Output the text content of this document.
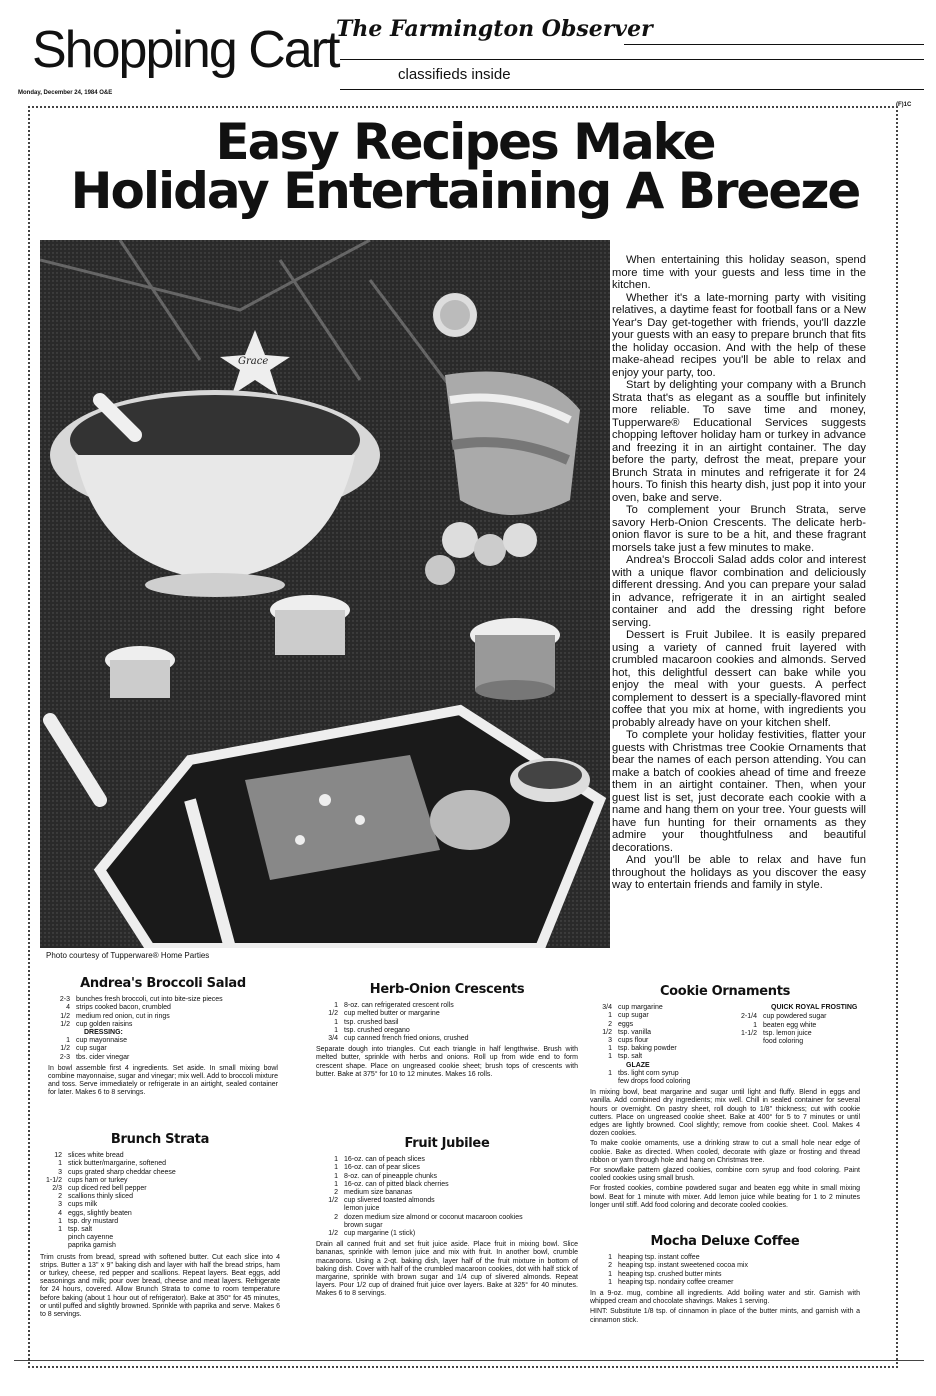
Shopping Cart
The Farmington Observer
classifieds inside
Monday, December 24, 1984 O&E
(F)1C
Easy Recipes Make
Holiday Entertaining A Breeze
Grace
Photo courtesy of Tupperware® Home Parties

When entertaining this holiday season, spend more time with your guests and less time in the kitchen.

Whether it's a late-morning party with visiting relatives, a daytime feast for football fans or a New Year's Day get-together with friends, you'll dazzle your guests with an easy to prepare brunch that fits the holiday occasion. And with the help of these make-ahead recipes you'll be able to relax and enjoy your party, too.

Start by delighting your company with a Brunch Strata that's as elegant as a souffle but infinitely more reliable. To save time and money, Tupperware® Educational Services suggests chopping leftover holiday ham or turkey in advance and freezing it in an airtight container. The day before the party, defrost the meat, prepare your Brunch Strata in minutes and refrigerate it for 24 hours. To finish this hearty dish, just pop it into your oven, bake and serve.

To complement your Brunch Strata, serve savory Herb-Onion Crescents. The delicate herb-onion flavor is sure to be a hit, and these fragrant morsels take just a few minutes to make.

Andrea's Broccoli Salad adds color and interest with a unique flavor combination and deliciously different dressing. And you can prepare your salad in advance, refrigerate it in an airtight sealed container and add the dressing right before serving.

Dessert is Fruit Jubilee. It is easily prepared using a variety of canned fruit layered with crumbled macaroon cookies and almonds. Served hot, this delightful dessert can bake while you enjoy the meal with your guests. A perfect complement to dessert is a specially-flavored mint coffee that you mix at home, with ingredients you probably already have on your kitchen shelf.

To complete your holiday festivities, flatter your guests with Christmas tree Cookie Ornaments that bear the names of each person attending. You can make a batch of cookies ahead of time and freeze them in an airtight container. Then, when your guest list is set, just decorate each cookie with a name and hang them on your tree. Your guests will have fun hunting for their ornaments as they admire your thoughtfulness and beautiful decorations.

And you'll be able to relax and have fun throughout the holidays as you discover the easy way to entertain friends and family in style.

Andrea's Broccoli Salad
2-3 bunches fresh broccoli, cut into bite-size pieces
4 strips cooked bacon, crumbled
1/2 medium red onion, cut in rings
1/2 cup golden raisins
DRESSING:
1 cup mayonnaise
1/2 cup sugar
2-3 tbs. cider vinegar
In bowl assemble first 4 ingredients. Set aside. In small mixing bowl combine mayonnaise, sugar and vinegar; mix well. Add to broccoli mixture and toss. Serve immediately or refrigerate in an airtight, sealed container for later. Makes 6 to 8 servings.
Herb-Onion Crescents
1 8-oz. can refrigerated crescent rolls
1/2 cup melted butter or margarine
1 tsp. crushed basil
1 tsp. crushed oregano
3/4 cup canned french fried onions, crushed
Separate dough into triangles. Cut each triangle in half lengthwise. Brush with melted butter, sprinkle with herbs and onions. Roll up from wide end to form crescent shape. Place on ungreased cookie sheet; brush tops of crescents with butter. Bake at 375° for 10 to 12 minutes. Makes 16 rolls.
Cookie Ornaments
3/4 cup margarine
1 cup sugar
2 eggs
1/2 tsp. vanilla
3 cups flour
1 tsp. baking powder
1 tsp. salt
GLAZE
1 tbs. light corn syrup
few drops food coloring
QUICK ROYAL FROSTING
2-1/4 cup powdered sugar
1 beaten egg white
1-1/2 tsp. lemon juice
food coloring
In mixing bowl, beat margarine and sugar until light and fluffy. Blend in eggs and vanilla. Add combined dry ingredients; mix well. Chill in sealed container for several hours or overnight. On pastry sheet, roll dough to 1/8" thickness; cut with cookie cutters. Place on ungreased cookie sheet. Bake at 400° for 5 to 7 minutes or until edges are lightly browned. Cool slightly; remove from cookie sheet. Cool. Makes 4 dozen cookies.
To make cookie ornaments, use a drinking straw to cut a small hole near edge of cookie. Bake as directed. When cooled, decorate with glaze or frosting and thread ribbon or yarn through hole and hang on Christmas tree.
For snowflake pattern glazed cookies, combine corn syrup and food coloring. Paint cooled cookies using small brush.
For frosted cookies, combine powdered sugar and beaten egg white in small mixing bowl. Beat for 1 minute with mixer. Add lemon juice while beating for 1 to 2 minutes longer until stiff. Add food coloring and decorate cooled cookies.
Brunch Strata
12 slices white bread
1 stick butter/margarine, softened
3 cups grated sharp cheddar cheese
1-1/2 cups ham or turkey
2/3 cup diced red bell pepper
2 scallions thinly sliced
3 cups milk
4 eggs, slightly beaten
1 tsp. dry mustard
1 tsp. salt
pinch cayenne
paprika garnish
Trim crusts from bread, spread with softened butter. Cut each slice into 4 strips. Butter a 13" x 9" baking dish and layer with half the bread strips, ham or turkey, cheese, red pepper and scallions. Repeat layers. Beat eggs, add seasonings and milk; pour over bread, cheese and meat layers. Refrigerate for 24 hours, covered. Allow Brunch Strata to come to room temperature before baking (about 1 hour out of refrigerator). Bake at 350° for 45 minutes, or until puffed and slightly browned. Sprinkle with paprika and serve. Makes 6 to 8 servings.
Fruit Jubilee
1 16-oz. can of peach slices
1 16-oz. can of pear slices
1 8-oz. can of pineapple chunks
1 16-oz. can of pitted black cherries
2 medium size bananas
1/2 cup slivered toasted almonds
lemon juice
2 dozen medium size almond or coconut macaroon cookies
brown sugar
1/2 cup margarine (1 stick)
Drain all canned fruit and set fruit juice aside. Place fruit in mixing bowl. Slice bananas, sprinkle with lemon juice and mix with fruit. In another bowl, crumble macaroons. Using a 2-qt. baking dish, layer half of the fruit mixture in bottom of baking dish. Cover with half of the crumbled macaroon cookies, dot with half stick of margarine, sprinkle with brown sugar and 1/4 cup of slivered almonds. Repeat layers. Pour 1/2 cup of drained fruit juice over layers. Bake at 325° for 40 minutes. Makes 6 to 8 servings.
Mocha Deluxe Coffee
1 heaping tsp. instant coffee
2 heaping tsp. instant sweetened cocoa mix
1 heaping tsp. crushed butter mints
1 heaping tsp. nondairy coffee creamer
In a 9-oz. mug, combine all ingredients. Add boiling water and stir. Garnish with whipped cream and chocolate shavings. Makes 1 serving.
HINT: Substitute 1/8 tsp. of cinnamon in place of the butter mints, and garnish with a cinnamon stick.
